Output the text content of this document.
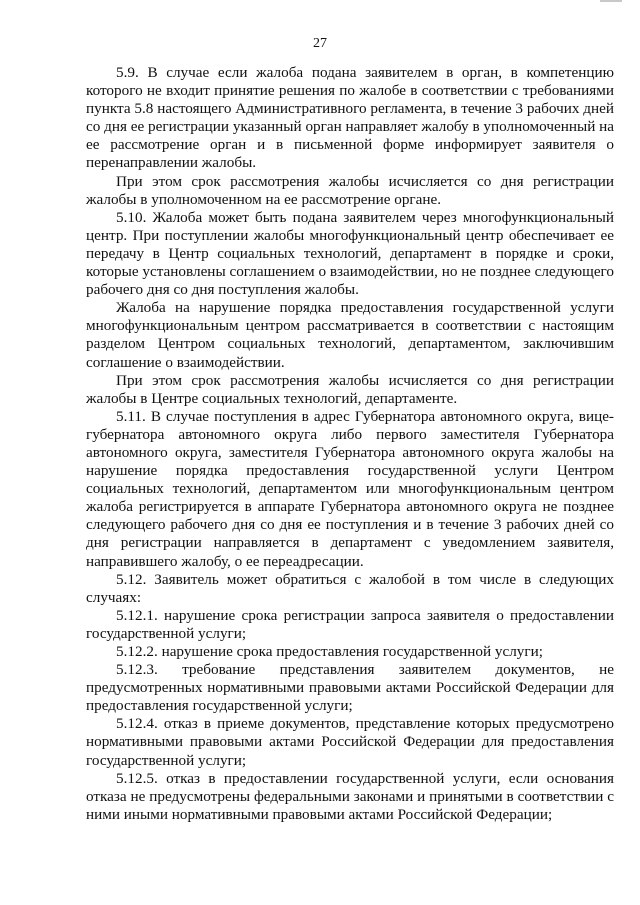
27

5.9. В случае если жалоба подана заявителем в орган, в компетенцию которого не входит принятие решения по жалобе в соответствии с требованиями пункта 5.8 настоящего Административного регламента, в течение 3 рабочих дней со дня ее регистрации указанный орган направляет жалобу в уполномоченный на ее рассмотрение орган и в письменной форме информирует заявителя о перенаправлении жалобы.

При этом срок рассмотрения жалобы исчисляется со дня регистрации жалобы в уполномоченном на ее рассмотрение органе.

5.10. Жалоба может быть подана заявителем через многофункциональный центр. При поступлении жалобы многофункциональный центр обеспечивает ее передачу в Центр социальных технологий, департамент в порядке и сроки, которые установлены соглашением о взаимодействии, но не позднее следующего рабочего дня со дня поступления жалобы.

Жалоба на нарушение порядка предоставления государственной услуги многофункциональным центром рассматривается в соответствии с настоящим разделом Центром социальных технологий, департаментом, заключившим соглашение о взаимодействии.

При этом срок рассмотрения жалобы исчисляется со дня регистрации жалобы в Центре социальных технологий, департаменте.

5.11. В случае поступления в адрес Губернатора автономного округа, вице-губернатора автономного округа либо первого заместителя Губернатора автономного округа, заместителя Губернатора автономного округа жалобы на нарушение порядка предоставления государственной услуги Центром социальных технологий, департаментом или многофункциональным центром жалоба регистрируется в аппарате Губернатора автономного округа не позднее следующего рабочего дня со дня ее поступления и в течение 3 рабочих дней со дня регистрации направляется в департамент с уведомлением заявителя, направившего жалобу, о ее переадресации.

5.12. Заявитель может обратиться с жалобой в том числе в следующих случаях:

5.12.1. нарушение срока регистрации запроса заявителя о предоставлении государственной услуги;

5.12.2. нарушение срока предоставления государственной услуги;

5.12.3. требование представления заявителем документов, не предусмотренных нормативными правовыми актами Российской Федерации для предоставления государственной услуги;

5.12.4. отказ в приеме документов, представление которых предусмотрено нормативными правовыми актами Российской Федерации для предоставления государственной услуги;

5.12.5. отказ в предоставлении государственной услуги, если основания отказа не предусмотрены федеральными законами и принятыми в соответствии с ними иными нормативными правовыми актами Российской Федерации;
